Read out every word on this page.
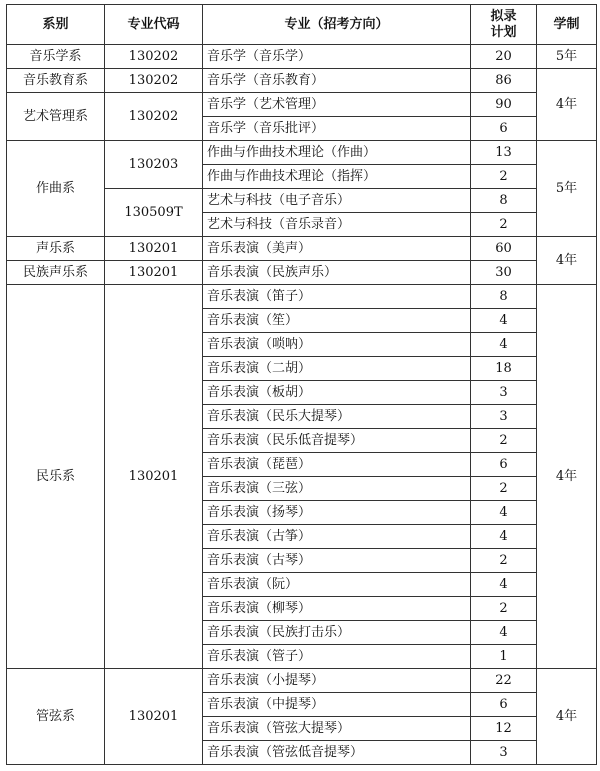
系别	专业代码	专业（招考方向）	拟录计划	学制
音乐学系	130202	音乐学（音乐学）	20	5年
音乐教育系	130202	音乐学（音乐教育）	86	4年
艺术管理系	130202	音乐学（艺术管理）	90	
		音乐学（音乐批评）	6	
作曲系	130203	作曲与作曲技术理论（作曲）	13	5年
		作曲与作曲技术理论（指挥）	2	
	130509T	艺术与科技（电子音乐）	8	
		艺术与科技（音乐录音）	2	
声乐系	130201	音乐表演（美声）	60	4年
民族声乐系	130201	音乐表演（民族声乐）	30	
民乐系	130201	音乐表演（笛子）	8	4年
		音乐表演（笙）	4	
		音乐表演（唢呐）	4	
		音乐表演（二胡）	18	
		音乐表演（板胡）	3	
		音乐表演（民乐大提琴）	3	
		音乐表演（民乐低音提琴）	2	
		音乐表演（琵琶）	6	
		音乐表演（三弦）	2	
		音乐表演（扬琴）	4	
		音乐表演（古筝）	4	
		音乐表演（古琴）	2	
		音乐表演（阮）	4	
		音乐表演（柳琴）	2	
		音乐表演（民族打击乐）	4	
		音乐表演（管子）	1	
管弦系	130201	音乐表演（小提琴）	22	4年
		音乐表演（中提琴）	6	
		音乐表演（管弦大提琴）	12	
		音乐表演（管弦低音提琴）	3	
